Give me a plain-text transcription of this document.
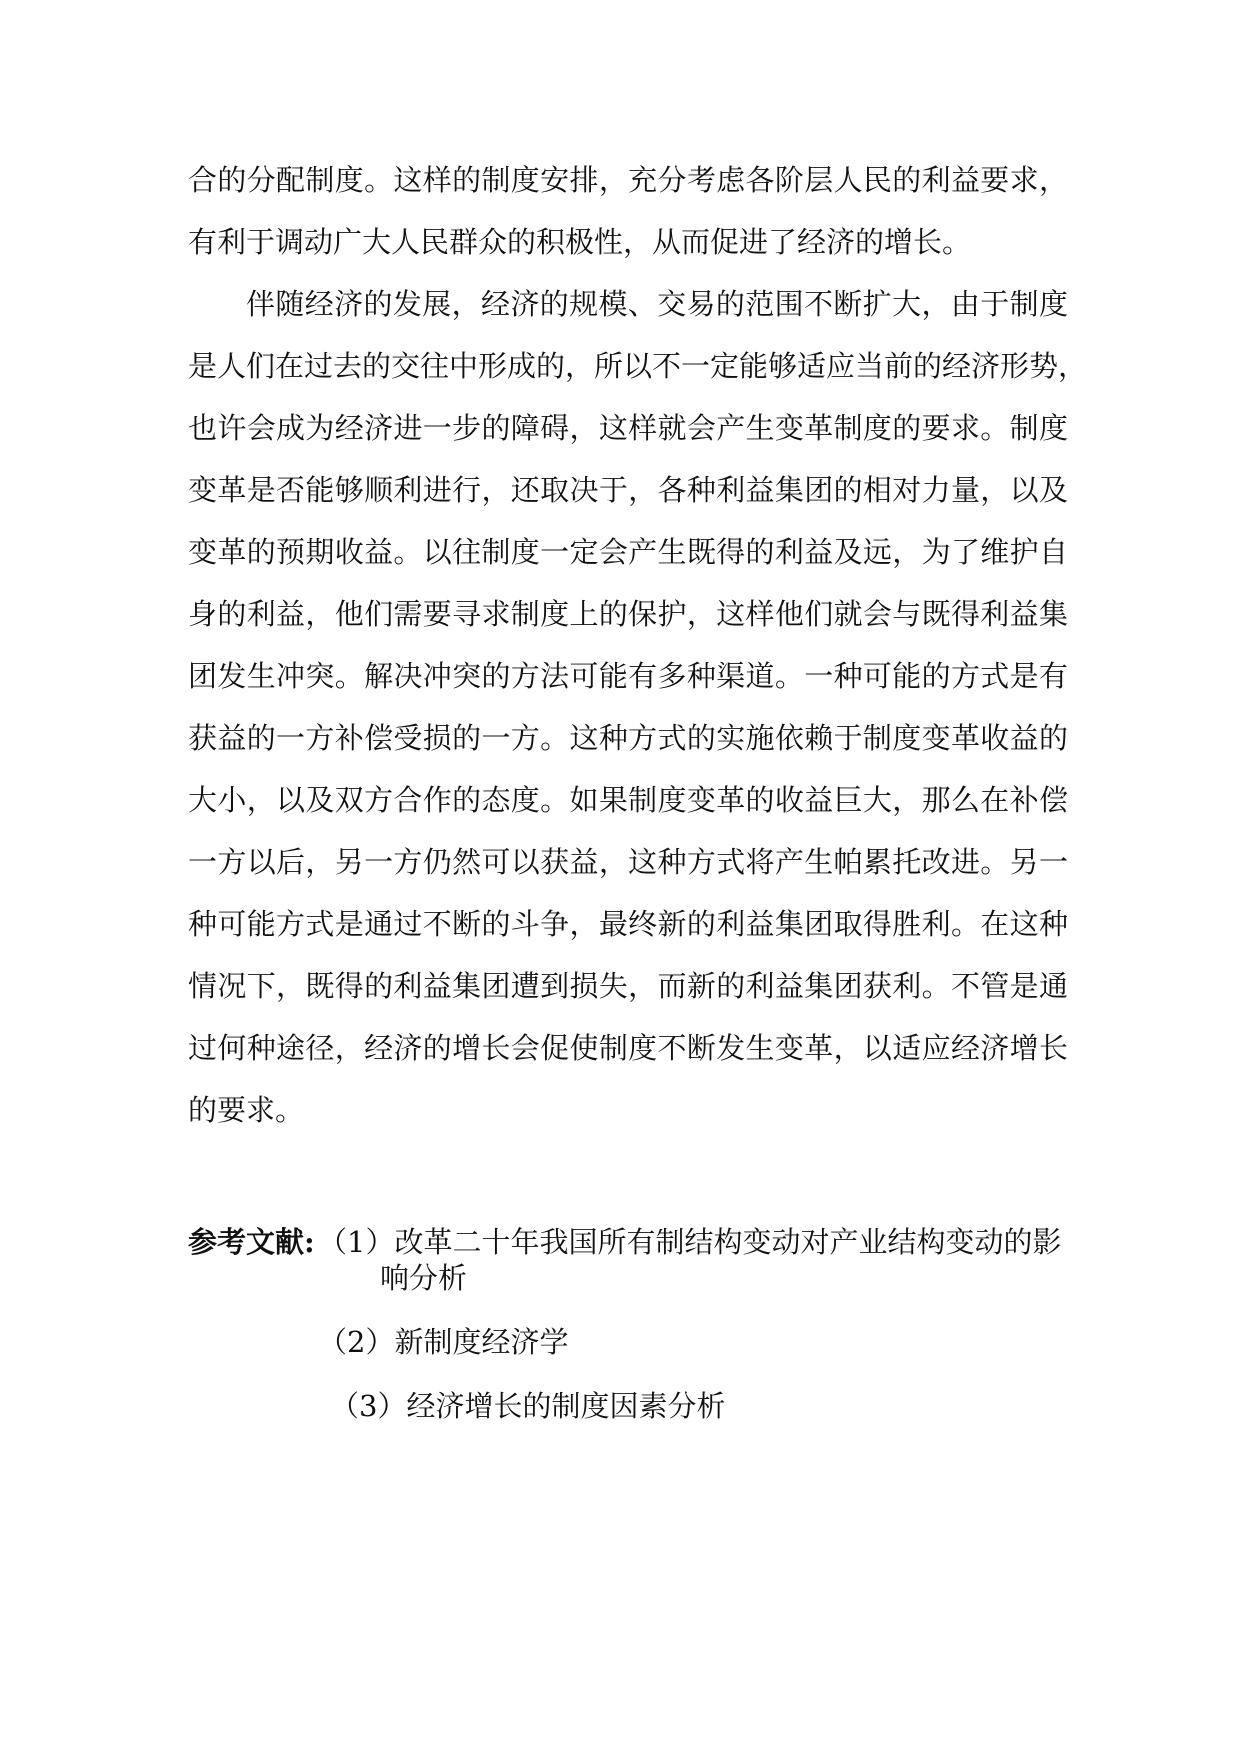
合的分配制度。这样的制度安排，充分考虑各阶层人民的利益要求，
有利于调动广大人民群众的积极性，从而促进了经济的增长。
伴随经济的发展，经济的规模、交易的范围不断扩大，由于制度
是人们在过去的交往中形成的，所以不一定能够适应当前的经济形势，
也许会成为经济进一步的障碍，这样就会产生变革制度的要求。制度
变革是否能够顺利进行，还取决于，各种利益集团的相对力量，以及
变革的预期收益。以往制度一定会产生既得的利益及远，为了维护自
身的利益，他们需要寻求制度上的保护，这样他们就会与既得利益集
团发生冲突。解决冲突的方法可能有多种渠道。一种可能的方式是有
获益的一方补偿受损的一方。这种方式的实施依赖于制度变革收益的
大小，以及双方合作的态度。如果制度变革的收益巨大，那么在补偿
一方以后，另一方仍然可以获益，这种方式将产生帕累托改进。另一
种可能方式是通过不断的斗争，最终新的利益集团取得胜利。在这种
情况下，既得的利益集团遭到损失，而新的利益集团获利。不管是通
过何种途径，经济的增长会促使制度不断发生变革，以适应经济增长
的要求。
参考文献: （1）改革二十年我国所有制结构变动对产业结构变动的影
响分析
（2）新制度经济学
（3）经济增长的制度因素分析
